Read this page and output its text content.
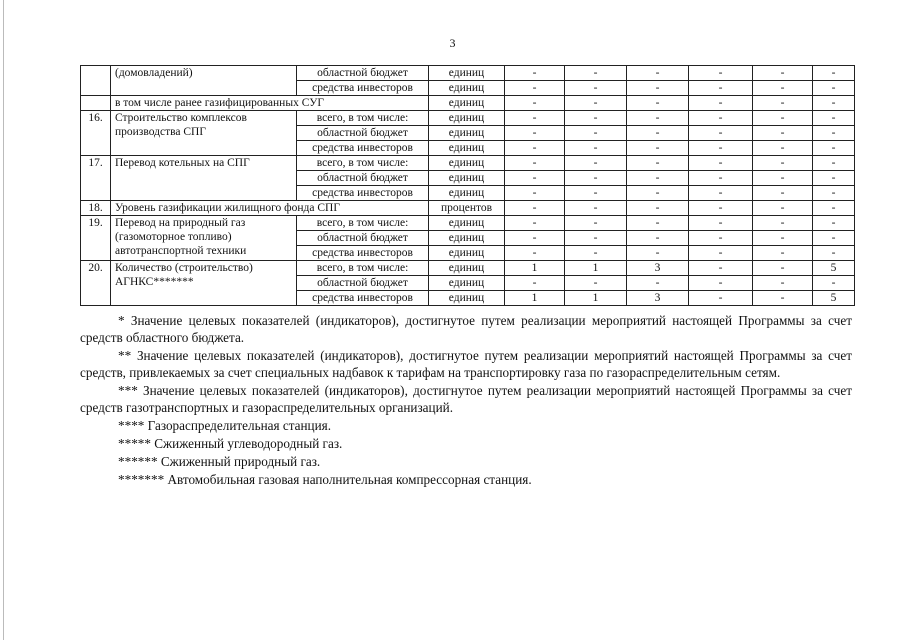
3
	(домовладений)	областной бюджет	единиц	-	-	-	-	-	-
		средства инвесторов	единиц	-	-	-	-	-	-
	в том числе ранее газифицированных СУГ		единиц	-	-	-	-	-	-
16.	Строительство комплексов производства СПГ	всего, в том числе:	единиц	-	-	-	-	-	-
		областной бюджет	единиц	-	-	-	-	-	-
		средства инвесторов	единиц	-	-	-	-	-	-
17.	Перевод котельных на СПГ	всего, в том числе:	единиц	-	-	-	-	-	-
		областной бюджет	единиц	-	-	-	-	-	-
		средства инвесторов	единиц	-	-	-	-	-	-
18.	Уровень газификации жилищного фонда СПГ		процентов	-	-	-	-	-	-
19.	Перевод на природный газ (газомоторное топливо) автотранспортной техники	всего, в том числе:	единиц	-	-	-	-	-	-
		областной бюджет	единиц	-	-	-	-	-	-
		средства инвесторов	единиц	-	-	-	-	-	-
20.	Количество (строительство) АГНКС*******	всего, в том числе:	единиц	1	1	3	-	-	5
		областной бюджет	единиц	-	-	-	-	-	-
		средства инвесторов	единиц	1	1	3	-	-	5

* Значение целевых показателей (индикаторов), достигнутое путем реализации мероприятий настоящей Программы за счет средств областного бюджета.

** Значение целевых показателей (индикаторов), достигнутое путем реализации мероприятий настоящей Программы за счет средств, привлекаемых за счет специальных надбавок к тарифам на транспортировку газа по газораспределительным сетям.

*** Значение целевых показателей (индикаторов), достигнутое путем реализации мероприятий настоящей Программы за счет средств газотранспортных и газораспределительных организаций.

**** Газораспределительная станция.

***** Сжиженный углеводородный газ.

****** Сжиженный природный газ.

******* Автомобильная газовая наполнительная компрессорная станция.
